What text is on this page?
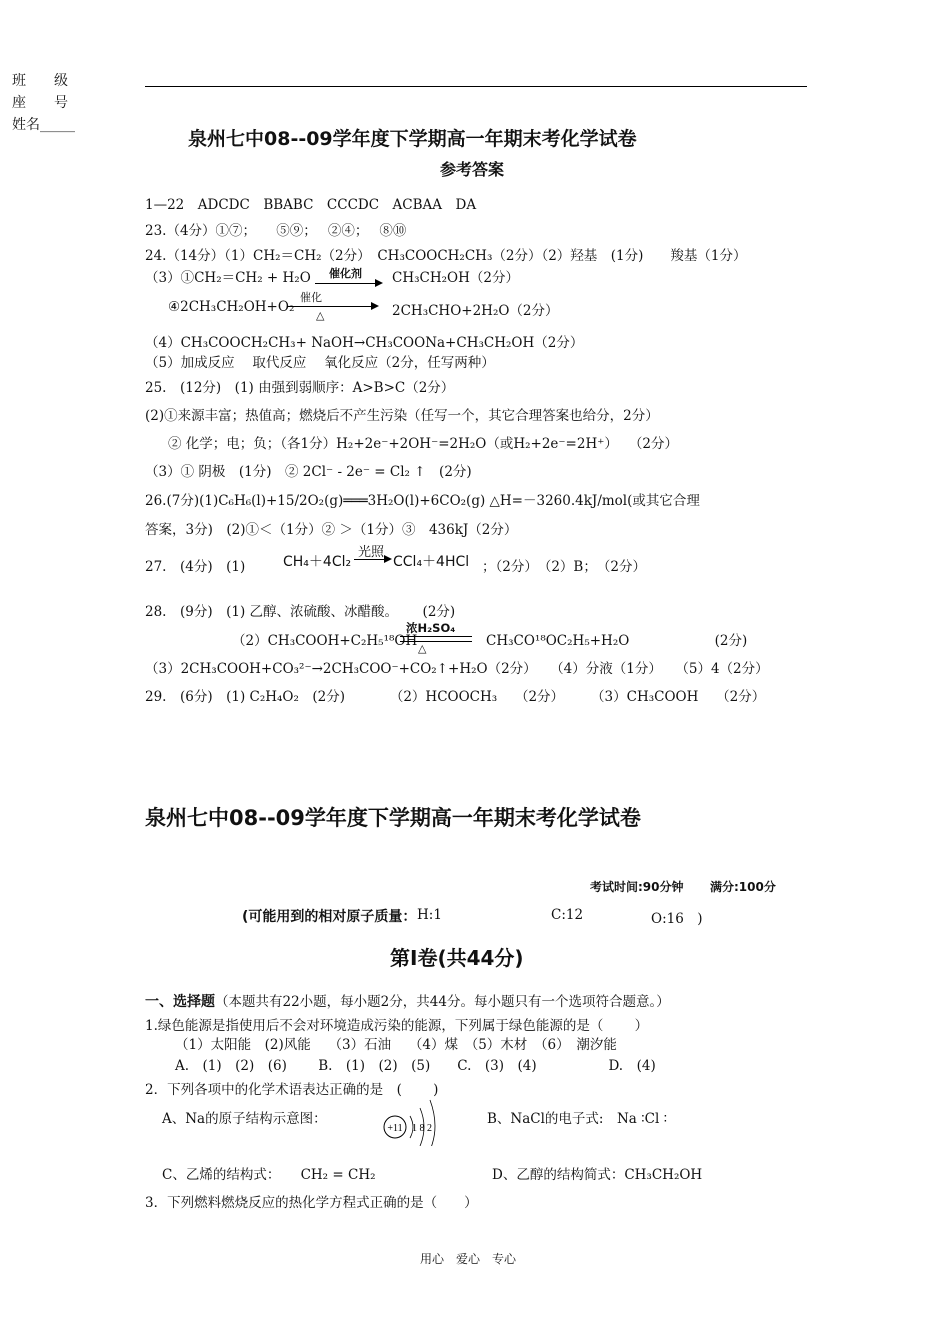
班　　级
座　　号
姓名_____
泉州七中08--09学年度下学期高一年期末考化学试卷
参考答案
1—22　ADCDC　BBABC　CCCDC　ACBAA　DA
23.（4分）①⑦；　　⑤⑨；　 ②④；　 ⑧⑩
24.（14分）（1）CH₂＝CH₂（2分）　CH₃COOCH₂CH₃（2分）（2）羟基　(1分)　　羧基（1分）
（3）①CH₂＝CH₂ + H₂O 催化剂 CH₃CH₂OH（2分）
④2CH₃CH₂OH+O₂
催化
△	2CH₃CHO+2H₂O（2分）
（4）CH₃COOCH₂CH₃+ NaOH→CH₃COONa+CH₃CH₂OH（2分）
（5）加成反应　 取代反应　 氧化反应（2分，任写两种）
25.　(12分)　(1) 由强到弱顺序：A>B>C（2分）
(2)①来源丰富；热值高；燃烧后不产生污染（任写一个，其它合理答案也给分，2分）
② 化学；电；负；（各1分）H₂+2e⁻+2OH⁻=2H₂O（或H₂+2e⁻=2H⁺）　 （2分）
（3）① 阴极　(1分)　② 2Cl⁻ - 2e⁻ = Cl₂ ↑　(2分)
26.(7分)(1)C₆H₆(l)+15/2O₂(g)═══3H₂O(l)+6CO₂(g) △H=－3260.4kJ/mol(或其它合理
答案，3分)　(2)①＜（1分）② ＞（1分）③　436kJ（2分）
27.　(4分)　(1)	CH₄＋4Cl₂
光照
CCl₄＋4HCl ；（2分）　（2）B；　（2分）
28.　(9分)　(1) 乙醇、浓硫酸、冰醋酸。　　 (2分)
（2）CH₃COOH+C₂H₅¹⁸OH
浓H₂SO₄
△	CH₃CO¹⁸OC₂H₅+H₂O　　　　　　 (2分)
（3）2CH₃COOH+CO₃²⁻→2CH₃COO⁻+CO₂↑+H₂O（2分）　　（4）分液（1分）　　（5）4（2分）
29.　(6分)　(1) C₂H₄O₂　(2分)　　　 （2）HCOOCH₃　 （2分）　　　（3）CH₃COOH　 （2分）
泉州七中08--09学年度下学期高一年期末考化学试卷
考试时间:90分钟 满分:100分
(可能用到的相对原子质量： H:1	C:12	O:16　)
第Ⅰ卷(共44分)
一、选择题（本题共有22小题，每小题2分，共44分。每小题只有一个选项符合题意。）
1.绿色能源是指使用后不会对环境造成污染的能源，下列属于绿色能源的是（　　 ）
（1）太阳能　(2)风能　 （3）石油　 （4）煤　（5）木材　（6）　潮汐能
A.　(1)　(2)　(6)　　 B.　(1)　(2)　(5)　　C.　(3)　(4)　　　　　 D.　(4)
2．下列各项中的化学术语表达正确的是　(　　 )
A、Na的原子结构示意图：
+11 1 8 2
B、NaCl的电子式:　Na ∶Cl ∶
C、乙烯的结构式：　　CH₂ = CH₂	D、乙醇的结构简式：CH₃CH₂OH
3．下列燃料燃烧反应的热化学方程式正确的是（　　）
用心　爱心　专心
